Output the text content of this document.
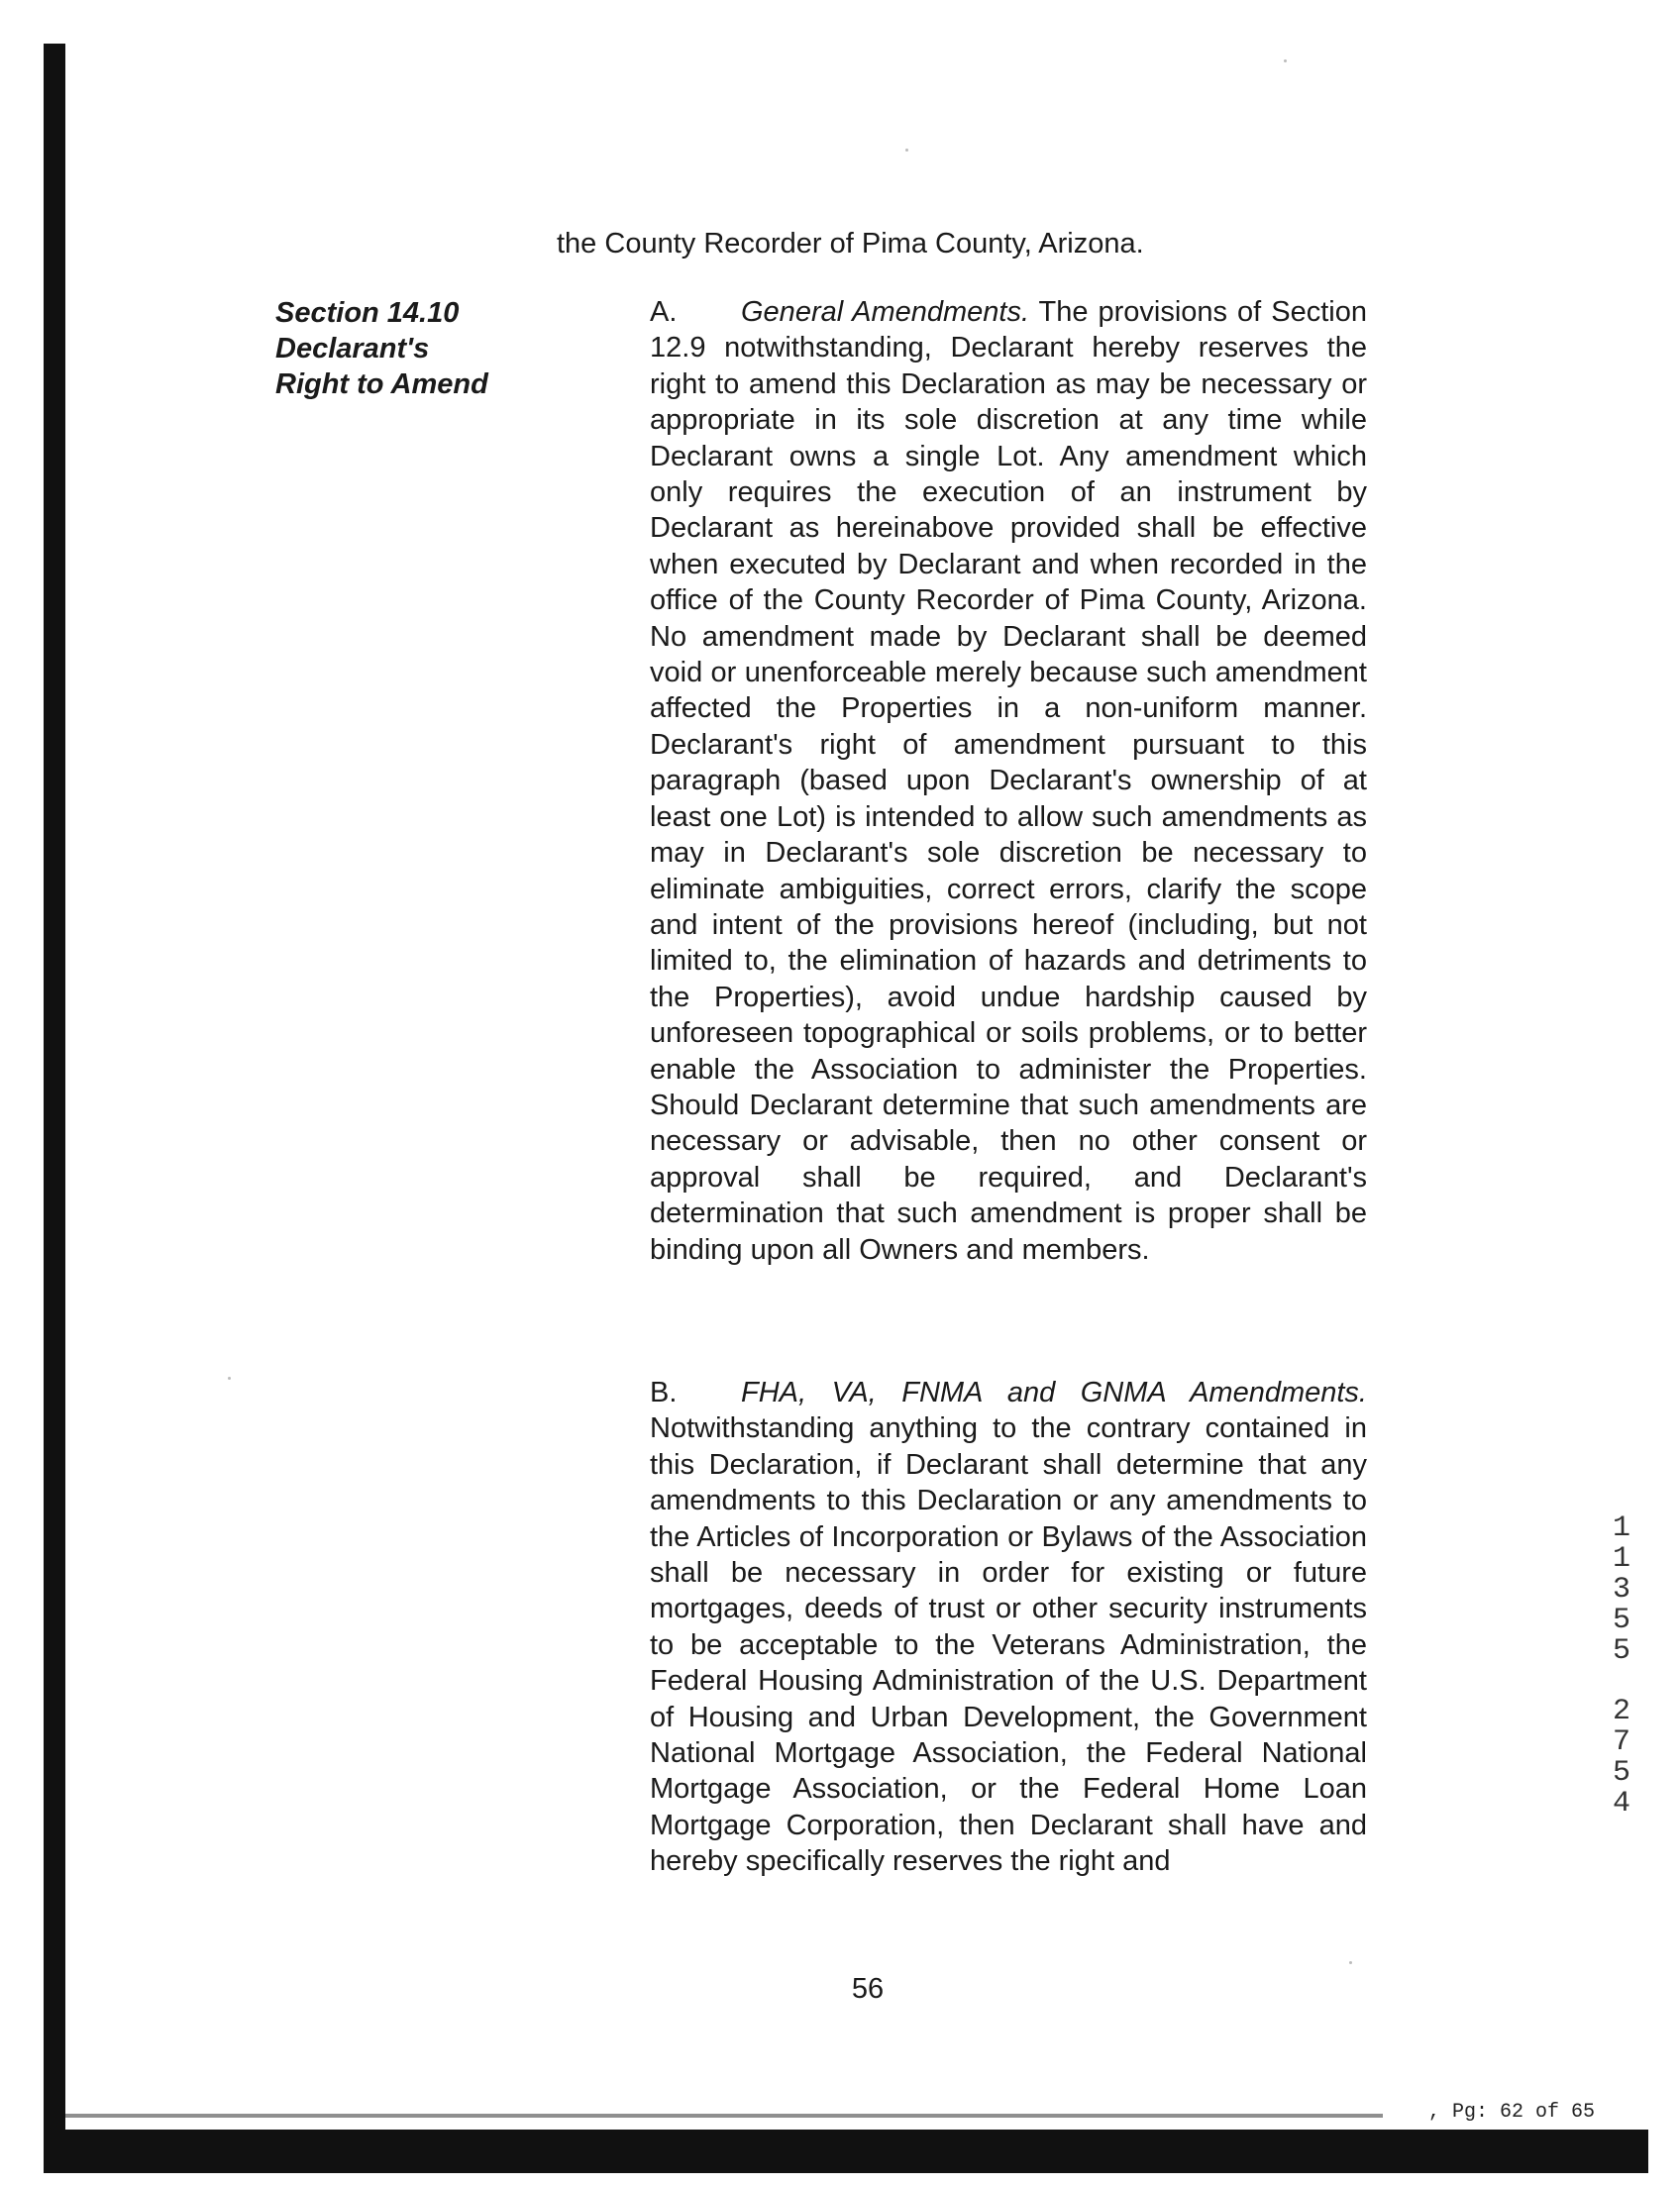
, Pg: 62 of 65
the County Recorder of Pima County, Arizona.
Section 14.10
Declarant's
Right to Amend
A. General Amendments. The provisions of Section 12.9 notwithstanding, Declarant hereby reserves the right to amend this Declaration as may be necessary or appropriate in its sole discretion at any time while Declarant owns a single Lot. Any amendment which only requires the execution of an instrument by Declarant as hereinabove provided shall be effective when executed by Declarant and when recorded in the office of the County Recorder of Pima County, Arizona. No amendment made by Declarant shall be deemed void or unenforceable merely because such amendment affected the Properties in a non-uniform manner. Declarant's right of amendment pursuant to this paragraph (based upon Declarant's ownership of at least one Lot) is intended to allow such amendments as may in Declarant's sole discretion be necessary to eliminate ambiguities, correct errors, clarify the scope and intent of the provisions hereof (including, but not limited to, the elimination of hazards and detriments to the Properties), avoid undue hardship caused by unforeseen topographical or soils problems, or to better enable the Association to administer the Properties. Should Declarant determine that such amendments are necessary or advisable, then no other consent or approval shall be required, and Declarant's determination that such amendment is proper shall be binding upon all Owners and members.
B. FHA, VA, FNMA and GNMA Amendments. Notwithstanding anything to the contrary contained in this Declaration, if Declarant shall determine that any amendments to this Declaration or any amendments to the Articles of Incorporation or Bylaws of the Association shall be necessary in order for existing or future mortgages, deeds of trust or other security instruments to be acceptable to the Veterans Administration, the Federal Housing Administration of the U.S. Department of Housing and Urban Development, the Government National Mortgage Association, the Federal National Mortgage Association, or the Federal Home Loan Mortgage Corporation, then Declarant shall have and hereby specifically reserves the right and
1
1
3
5
5
2
7
5
4
56
